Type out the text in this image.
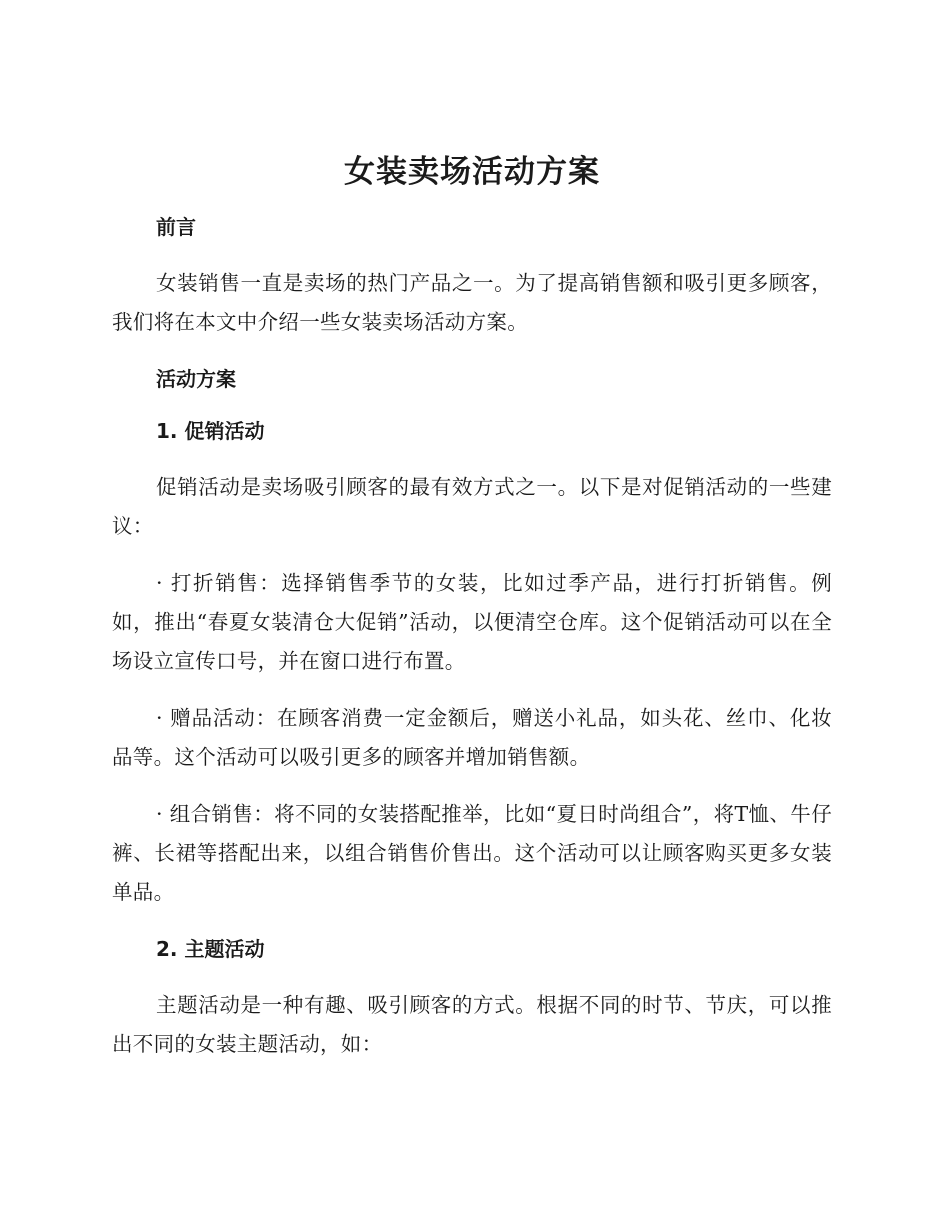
女装卖场活动方案

前言

女装销售一直是卖场的热门产品之一。为了提高销售额和吸引更多顾客，我们将在本文中介绍一些女装卖场活动方案。

活动方案

1. 促销活动

促销活动是卖场吸引顾客的最有效方式之一。以下是对促销活动的一些建议：

· 打折销售：选择销售季节的女装，比如过季产品，进行打折销售。例如，推出“春夏女装清仓大促销”活动，以便清空仓库。这个促销活动可以在全场设立宣传口号，并在窗口进行布置。

· 赠品活动：在顾客消费一定金额后，赠送小礼品，如头花、丝巾、化妆品等。这个活动可以吸引更多的顾客并增加销售额。

· 组合销售：将不同的女装搭配推举，比如“夏日时尚组合”，将T恤、牛仔裤、长裙等搭配出来，以组合销售价售出。这个活动可以让顾客购买更多女装单品。

2. 主题活动

主题活动是一种有趣、吸引顾客的方式。根据不同的时节、节庆，可以推出不同的女装主题活动，如：
